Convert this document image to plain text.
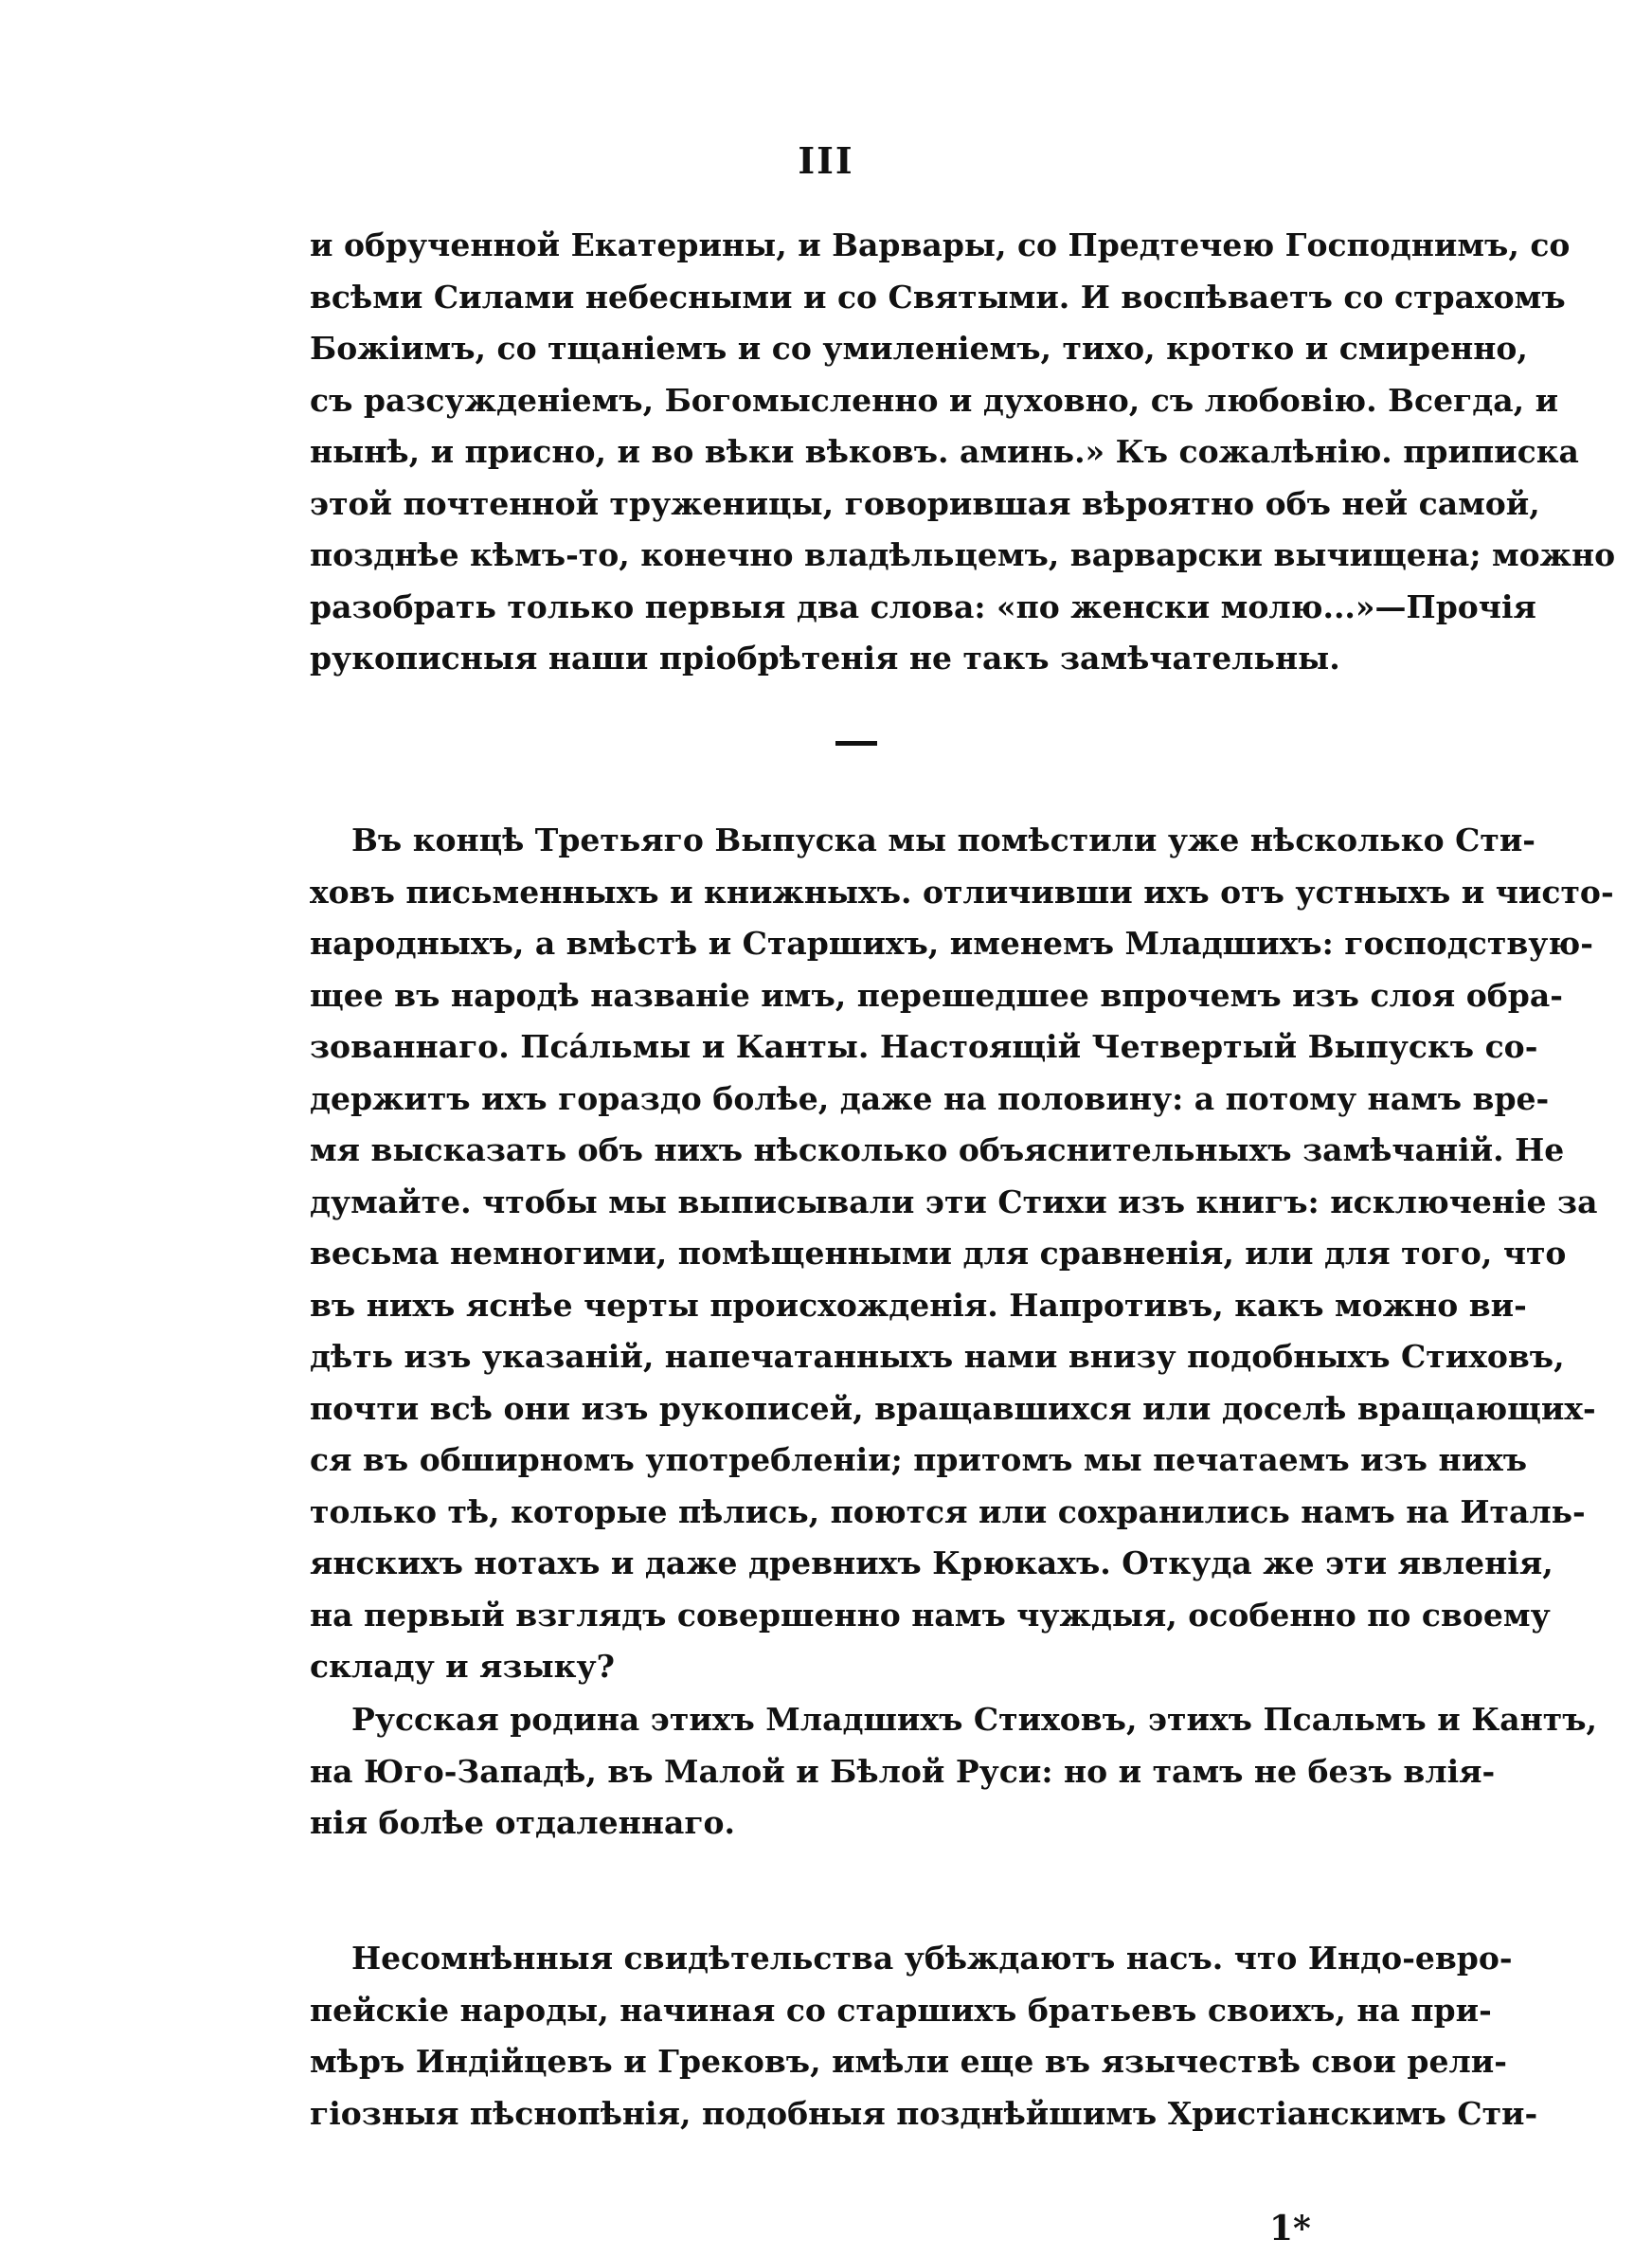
III
и обрученной Екатерины, и Варвары, со Предтечею Господнимъ, со
всѣми Силами небесными и со Святыми. И воспѣваетъ со страхомъ
Божіимъ, со тщаніемъ и со умиленіемъ, тихо, кротко и смиренно,
съ разсужденіемъ, Богомысленно и духовно, съ любовію. Всегда, и
нынѣ, и присно, и во вѣки вѣковъ. аминь.» Къ сожалѣнію. приписка
этой почтенной труженицы, говорившая вѣроятно объ ней самой,
позднѣе кѣмъ-то, конечно владѣльцемъ, варварски вычищена; можно
разобрать только первыя два слова: «по женски молю...»—Прочія
рукописныя наши пріобрѣтенія не такъ замѣчательны.
Въ концѣ Третьяго Выпуска мы помѣстили уже нѣсколько Сти-
ховъ письменныхъ и книжныхъ. отличивши ихъ отъ устныхъ и чисто-
народныхъ, а вмѣстѣ и Старшихъ, именемъ Младшихъ: господствую-
щее въ народѣ названіе имъ, перешедшее впрочемъ изъ слоя обра-
зованнаго. Псáльмы и Канты. Настоящій Четвертый Выпускъ со-
держитъ ихъ гораздо болѣе, даже на половину: а потому намъ вре-
мя высказать объ нихъ нѣсколько объяснительныхъ замѣчаній. Не
думайте. чтобы мы выписывали эти Стихи изъ книгъ: исключеніе за
весьма немногими, помѣщенными для сравненія, или для того, что
въ нихъ яснѣе черты происхожденія. Напротивъ, какъ можно ви-
дѣть изъ указаній, напечатанныхъ нами внизу подобныхъ Стиховъ,
почти всѣ они изъ рукописей, вращавшихся или доселѣ вращающих-
ся въ обширномъ употребленіи; притомъ мы печатаемъ изъ нихъ
только тѣ, которые пѣлись, поются или сохранились намъ на Италь-
янскихъ нотахъ и даже древнихъ Крюкахъ. Откуда же эти явленія,
на первый взглядъ совершенно намъ чуждыя, особенно по своему
складу и языку?
Русская родина этихъ Младшихъ Стиховъ, этихъ Псальмъ и Кантъ,
на Юго-Западѣ, въ Малой и Бѣлой Руси: но и тамъ не безъ влія-
нія болѣе отдаленнаго.
Несомнѣнныя свидѣтельства убѣждаютъ насъ. что Индо-евро-
пейскіе народы, начиная со старшихъ братьевъ своихъ, на при-
мѣръ Индійцевъ и Грековъ, имѣли еще въ язычествѣ свои рели-
гіозныя пѣснопѣнія, подобныя позднѣйшимъ Христіанскимъ Сти-
1*
